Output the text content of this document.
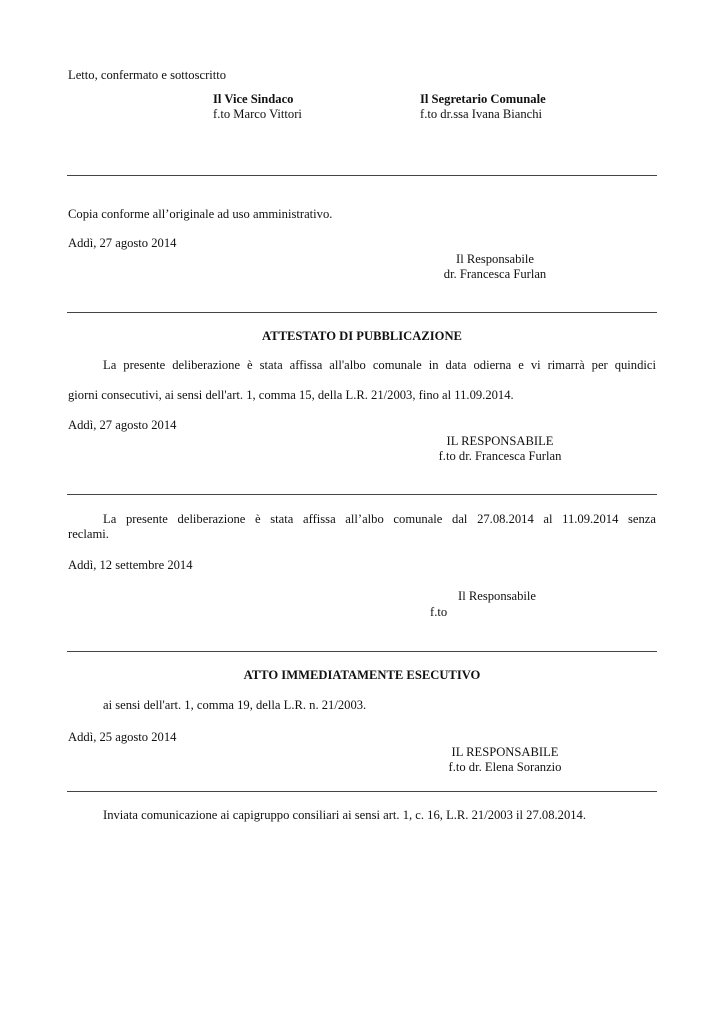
Letto, confermato e sottoscritto
Il Vice Sindaco
f.to Marco Vittori
Il Segretario Comunale
f.to dr.ssa Ivana Bianchi
Copia conforme all’originale ad uso amministrativo.
Addì, 27 agosto 2014
Il Responsabile
dr. Francesca Furlan
ATTESTATO DI PUBBLICAZIONE
La presente deliberazione è stata affissa all'albo comunale in data odierna e vi rimarrà per quindici
giorni consecutivi, ai sensi dell'art. 1, comma 15, della L.R. 21/2003, fino al 11.09.2014.
Addì, 27 agosto 2014
IL RESPONSABILE
f.to dr. Francesca Furlan
La presente deliberazione è stata affissa all’albo comunale dal 27.08.2014 al 11.09.2014 senza
reclami.
Addì, 12 settembre 2014
Il Responsabile
f.to
ATTO IMMEDIATAMENTE ESECUTIVO
ai sensi dell'art. 1, comma 19, della L.R. n. 21/2003.
Addì, 25 agosto 2014
IL RESPONSABILE
f.to dr. Elena Soranzio
Inviata comunicazione ai capigruppo consiliari ai sensi art. 1, c. 16, L.R. 21/2003 il 27.08.2014.
